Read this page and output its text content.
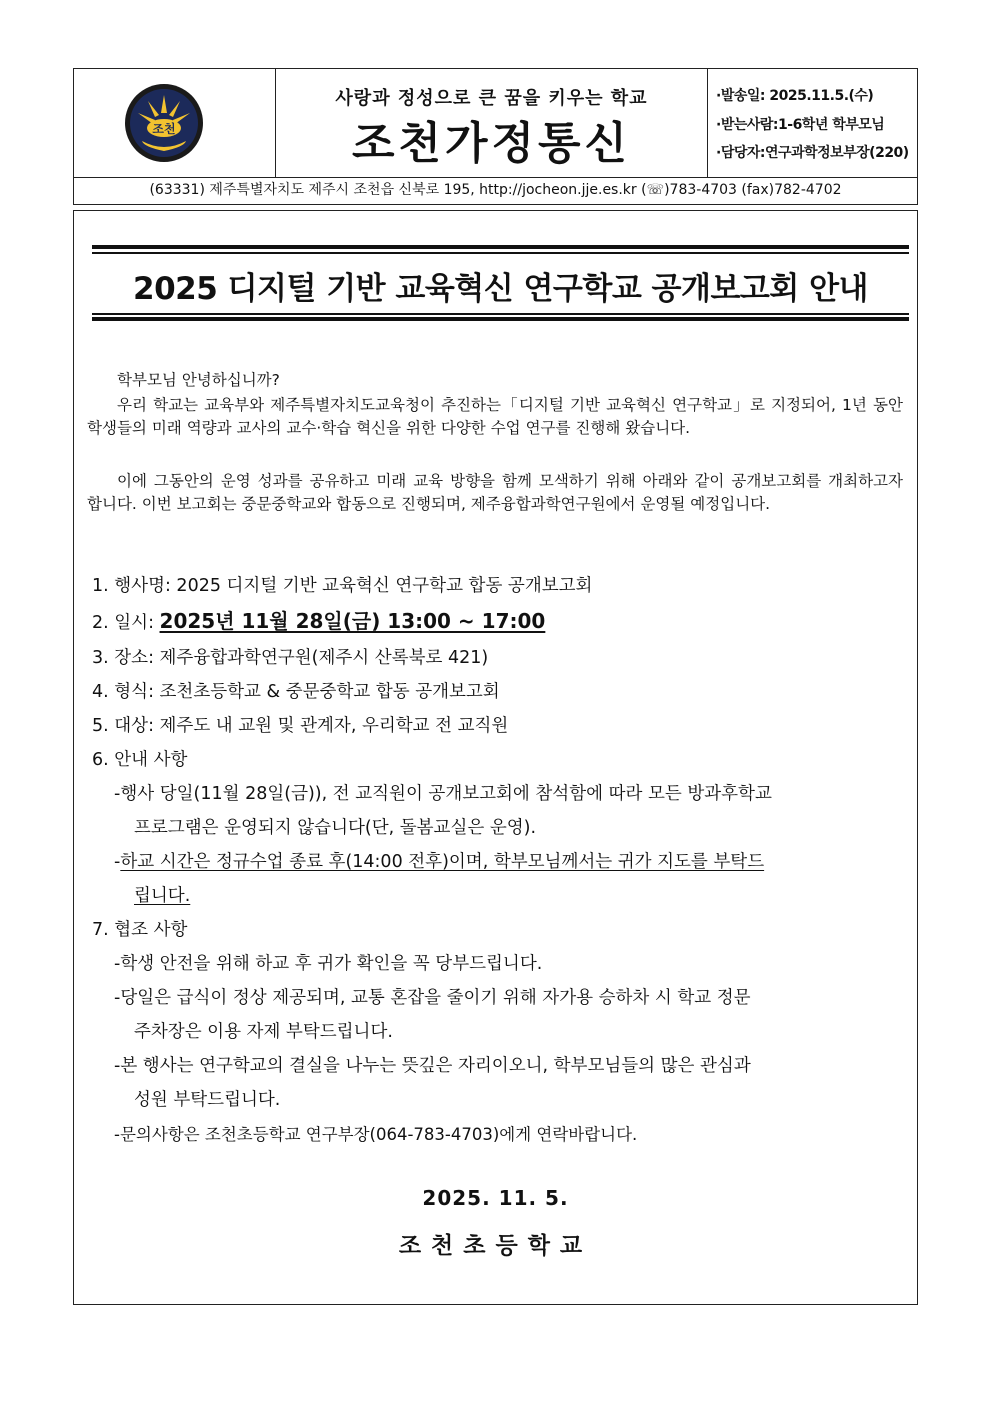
조천
사랑과 정성으로 큰 꿈을 키우는 학교
조천가정통신
·발송일: 2025.11.5.(수)
·받는사람:1-6학년 학부모님
·담당자:연구과학정보부장(220)
(63331) 제주특별자치도 제주시 조천읍 신북로 195, http://jocheon.jje.es.kr (☏)783-4703 (fax)782-4702
2025 디지털 기반 교육혁신 연구학교 공개보고회 안내
학부모님 안녕하십니까?
우리 학교는 교육부와 제주특별자치도교육청이 추진하는「디지털 기반 교육혁신 연구학교」로 지정되어, 1년 동안 학생들의 미래 역량과 교사의 교수·학습 혁신을 위한 다양한 수업 연구를 진행해 왔습니다.
이에 그동안의 운영 성과를 공유하고 미래 교육 방향을 함께 모색하기 위해 아래와 같이 공개보고회를 개최하고자 합니다. 이번 보고회는 중문중학교와 합동으로 진행되며, 제주융합과학연구원에서 운영될 예정입니다.
1. 행사명: 2025 디지털 기반 교육혁신 연구학교 합동 공개보고회
2. 일시: 2025년 11월 28일(금) 13:00 ~ 17:00
3. 장소: 제주융합과학연구원(제주시 산록북로 421)
4. 형식: 조천초등학교 & 중문중학교 합동 공개보고회
5. 대상: 제주도 내 교원 및 관계자, 우리학교 전 교직원
6. 안내 사항
-행사 당일(11월 28일(금)), 전 교직원이 공개보고회에 참석함에 따라 모든 방과후학교
프로그램은 운영되지 않습니다(단, 돌봄교실은 운영).
-하교 시간은 정규수업 종료 후(14:00 전후)이며, 학부모님께서는 귀가 지도를 부탁드
립니다.
7. 협조 사항
-학생 안전을 위해 하교 후 귀가 확인을 꼭 당부드립니다.
-당일은 급식이 정상 제공되며, 교통 혼잡을 줄이기 위해 자가용 승하차 시 학교 정문
주차장은 이용 자제 부탁드립니다.
-본 행사는 연구학교의 결실을 나누는 뜻깊은 자리이오니, 학부모님들의 많은 관심과
성원 부탁드립니다.
-문의사항은 조천초등학교 연구부장(064-783-4703)에게 연락바랍니다.
2025. 11. 5.
조천초등학교
